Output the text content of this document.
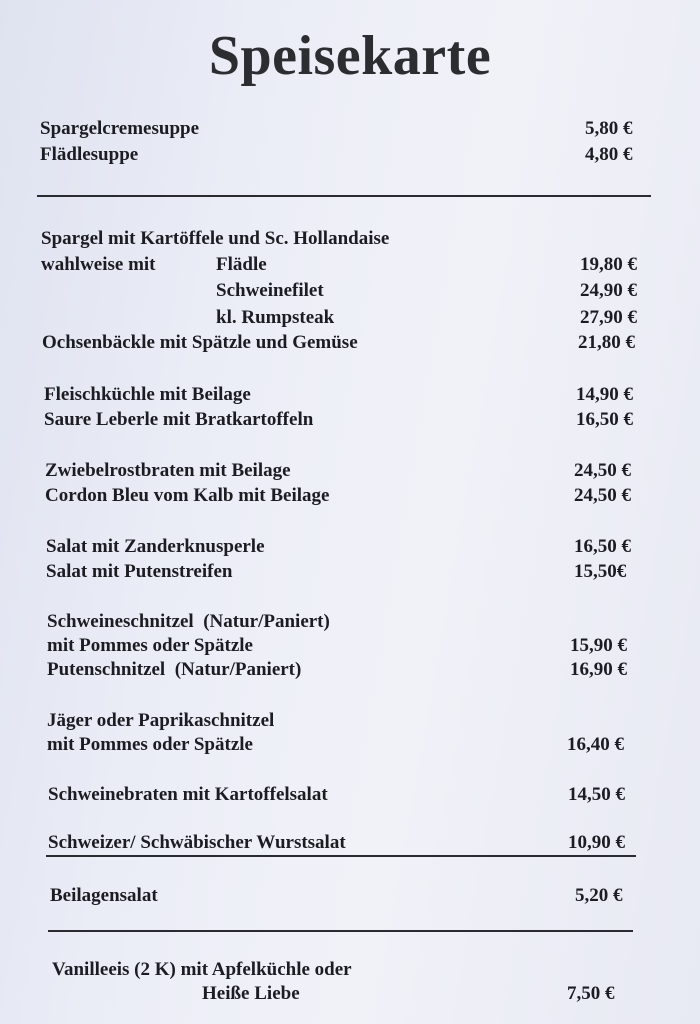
Speisekarte
Spargelcremesuppe	5,80 €
Flädlesuppe	4,80 €
Spargel mit Kartöffele und Sc. Hollandaise
wahlweise mit	Flädle	19,80 €
Schweinefilet	24,90 €
kl. Rumpsteak	27,90 €
Ochsenbäckle mit Spätzle und Gemüse	21,80 €
Fleischküchle mit Beilage	14,90 €
Saure Leberle mit Bratkartoffeln	16,50 €
Zwiebelrostbraten mit Beilage	24,50 €
Cordon Bleu vom Kalb mit Beilage	24,50 €
Salat mit Zanderknusperle	16,50 €
Salat mit Putenstreifen	15,50€
Schweineschnitzel  (Natur/Paniert)
mit Pommes oder Spätzle	15,90 €
Putenschnitzel  (Natur/Paniert)	16,90 €
Jäger oder Paprikaschnitzel
mit Pommes oder Spätzle	16,40 €
Schweinebraten mit Kartoffelsalat	14,50 €
Schweizer/ Schwäbischer Wurstsalat	10,90 €
Beilagensalat	5,20 €
Vanilleeis (2 K) mit Apfelküchle oder
Heiße Liebe	7,50 €
